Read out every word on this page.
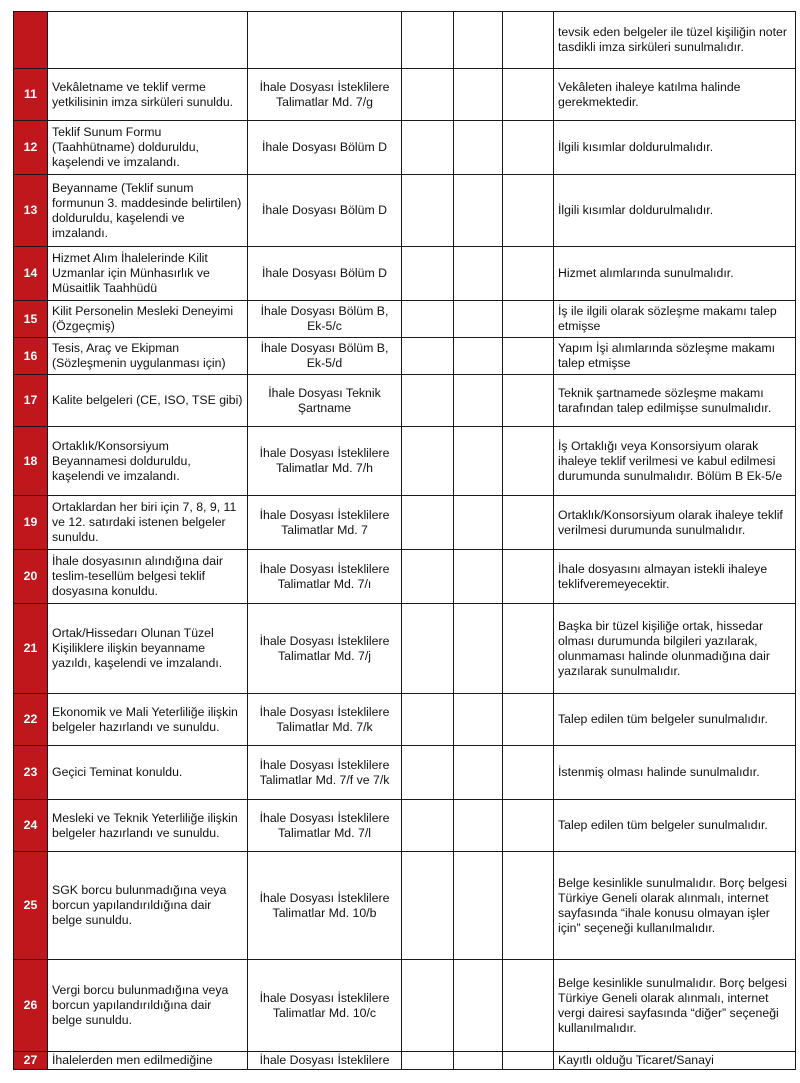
						tevsik eden belgeler ile tüzel kişiliğin noter tasdikli imza sirküleri sunulmalıdır.
11	Vekâletname ve teklif verme yetkilisinin imza sirküleri sunuldu.	İhale Dosyası İsteklilere Talimatlar Md. 7/g				Vekâleten ihaleye katılma halinde gerekmektedir.
12	Teklif Sunum Formu (Taahhütname) dolduruldu, kaşelendi ve imzalandı.	İhale Dosyası Bölüm D				İlgili kısımlar doldurulmalıdır.
13	Beyanname (Teklif sunum formunun 3. maddesinde belirtilen) dolduruldu, kaşelendi ve imzalandı.	İhale Dosyası Bölüm D				İlgili kısımlar doldurulmalıdır.
14	Hizmet Alım İhalelerinde Kilit Uzmanlar için Münhasırlık ve Müsaitlik Taahhüdü	İhale Dosyası Bölüm D				Hizmet alımlarında sunulmalıdır.
15	Kilit Personelin Mesleki Deneyimi (Özgeçmiş)	İhale Dosyası Bölüm B, Ek-5/c				İş ile ilgili olarak sözleşme makamı talep etmişse
16	Tesis, Araç ve Ekipman (Sözleşmenin uygulanması için)	İhale Dosyası Bölüm B, Ek-5/d				Yapım İşi alımlarında sözleşme makamı talep etmişse
17	Kalite belgeleri (CE, ISO, TSE gibi)	İhale Dosyası Teknik Şartname				Teknik şartnamede sözleşme makamı tarafından talep edilmişse sunulmalıdır.
18	Ortaklık/Konsorsiyum Beyannamesi dolduruldu, kaşelendi ve imzalandı.	İhale Dosyası İsteklilere Talimatlar Md. 7/h				İş Ortaklığı veya Konsorsiyum olarak ihaleye teklif verilmesi ve kabul edilmesi durumunda sunulmalıdır. Bölüm B Ek-5/e
19	Ortaklardan her biri için 7, 8, 9, 11 ve 12. satırdaki istenen belgeler sunuldu.	İhale Dosyası İsteklilere Talimatlar Md. 7				Ortaklık/Konsorsiyum olarak ihaleye teklif verilmesi durumunda sunulmalıdır.
20	İhale dosyasının alındığına dair teslim-tesellüm belgesi teklif dosyasına konuldu.	İhale Dosyası İsteklilere Talimatlar Md. 7/ı				İhale dosyasını almayan istekli ihaleye teklifveremeyecektir.
21	Ortak/Hissedarı Olunan Tüzel Kişiliklere ilişkin beyanname yazıldı, kaşelendi ve imzalandı.	İhale Dosyası İsteklilere Talimatlar Md. 7/j				Başka bir tüzel kişiliğe ortak, hissedar olması durumunda bilgileri yazılarak, olunmaması halinde olunmadığına dair yazılarak sunulmalıdır.
22	Ekonomik ve Mali Yeterliliğe ilişkin belgeler hazırlandı ve sunuldu.	İhale Dosyası İsteklilere Talimatlar Md. 7/k				Talep edilen tüm belgeler sunulmalıdır.
23	Geçici Teminat konuldu.	İhale Dosyası İsteklilere Talimatlar Md. 7/f ve 7/k				İstenmiş olması halinde sunulmalıdır.
24	Mesleki ve Teknik Yeterliliğe ilişkin belgeler hazırlandı ve sunuldu.	İhale Dosyası İsteklilere Talimatlar Md. 7/l				Talep edilen tüm belgeler sunulmalıdır.
25	SGK borcu bulunmadığına veya borcun yapılandırıldığına dair belge sunuldu.	İhale Dosyası İsteklilere Talimatlar Md. 10/b				Belge kesinlikle sunulmalıdır. Borç belgesi Türkiye Geneli olarak alınmalı, internet sayfasında “ihale konusu olmayan işler için” seçeneği kullanılmalıdır.
26	Vergi borcu bulunmadığına veya borcun yapılandırıldığına dair belge sunuldu.	İhale Dosyası İsteklilere Talimatlar Md. 10/c				Belge kesinlikle sunulmalıdır. Borç belgesi Türkiye Geneli olarak alınmalı, internet vergi dairesi sayfasında “diğer” seçeneği kullanılmalıdır.
27	İhalelerden men edilmediğine	İhale Dosyası İsteklilere				Kayıtlı olduğu Ticaret/Sanayi
